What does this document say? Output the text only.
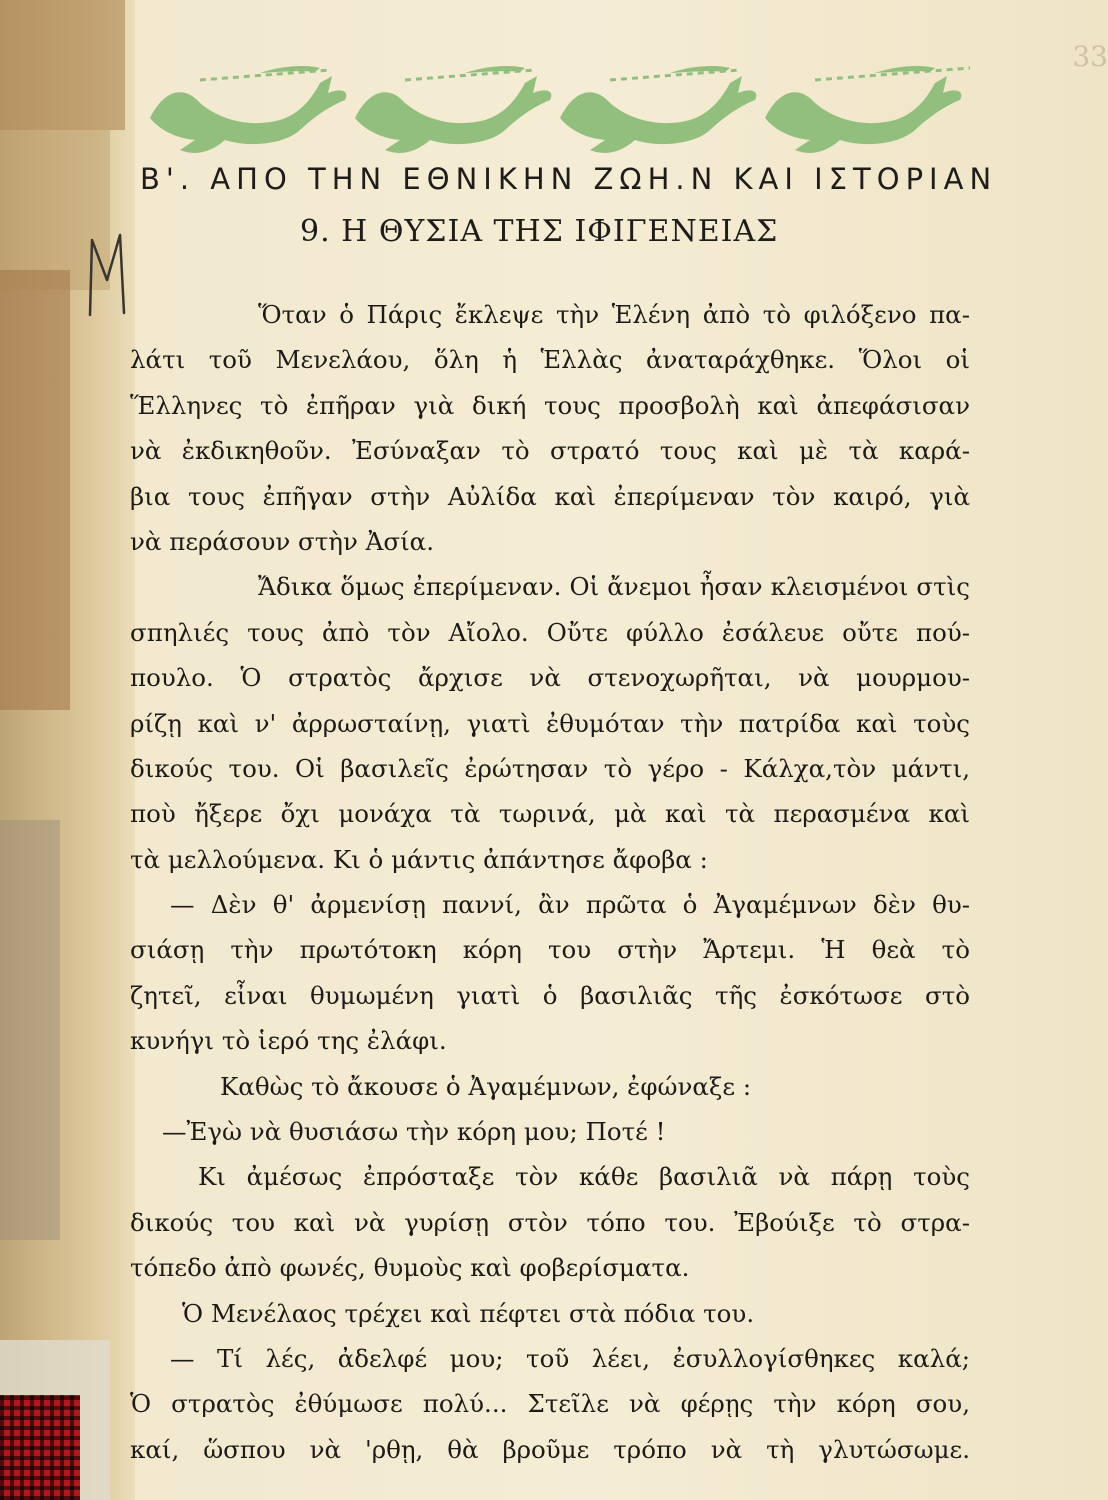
33
Β'. ΑΠΟ ΤΗΝ ΕΘΝΙΚΗΝ ΖΩΗ.Ν ΚΑΙ ΙΣΤΟΡΙΑΝ
9. Η ΘΥΣΙΑ ΤΗΣ ΙΦΙΓΕΝΕΙΑΣ
Ὅταν ὁ Πάρις ἔκλεψε τὴν Ἑλένη ἀπὸ τὸ φιλόξενο πα-
λάτι τοῦ Μενελάου, ὅλη ἡ Ἑλλὰς ἀναταράχθηκε. Ὅλοι οἱ
Ἕλληνες τὸ ἐπῆραν γιὰ δική τους προσβολὴ καὶ ἀπεφάσισαν
νὰ ἐκδικηθοῦν. Ἐσύναξαν τὸ στρατό τους καὶ μὲ τὰ καρά-
βια τους ἐπῆγαν στὴν Αὐλίδα καὶ ἐπερίμεναν τὸν καιρό, γιὰ
νὰ περάσουν στὴν Ἀσία.
Ἄδικα ὅμως ἐπερίμεναν. Οἱ ἄνεμοι ἦσαν κλεισμένοι στὶς
σπηλιές τους ἀπὸ τὸν Αἴολο. Οὔτε φύλλο ἐσάλευε οὔτε πού-
πουλο. Ὁ στρατὸς ἄρχισε νὰ στενοχωρῆται, νὰ μουρμου-
ρίζῃ καὶ ν' ἀρρωσταίνῃ, γιατὶ ἐθυμόταν τὴν πατρίδα καὶ τοὺς
δικούς του. Οἱ βασιλεῖς ἐρώτησαν τὸ γέρο - Κάλχα,τὸν μάντι,
ποὺ ἤξερε ὄχι μονάχα τὰ τωρινά, μὰ καὶ τὰ περασμένα καὶ
τὰ μελλούμενα. Κι ὁ μάντις ἀπάντησε ἄφοβα :
— Δὲν θ' ἀρμενίσῃ παννί, ἂν πρῶτα ὁ Ἀγαμέμνων δὲν θυ-
σιάσῃ τὴν πρωτότοκη κόρη του στὴν Ἄρτεμι. Ἡ θεὰ τὸ
ζητεῖ, εἶναι θυμωμένη γιατὶ ὁ βασιλιᾶς τῆς ἐσκότωσε στὸ
κυνήγι τὸ ἱερό της ἐλάφι.
Καθὼς τὸ ἄκουσε ὁ Ἀγαμέμνων, ἐφώναξε :
—Ἐγὼ νὰ θυσιάσω τὴν κόρη μου; Ποτέ !
Κι ἀμέσως ἐπρόσταξε τὸν κάθε βασιλιᾶ νὰ πάρῃ τοὺς
δικούς του καὶ νὰ γυρίσῃ στὸν τόπο του. Ἐβούιξε τὸ στρα-
τόπεδο ἀπὸ φωνές, θυμοὺς καὶ φοβερίσματα.
Ὁ Μενέλαος τρέχει καὶ πέφτει στὰ πόδια του.
— Τί λές, ἀδελφέ μου; τοῦ λέει, ἐσυλλογίσθηκες καλά;
Ὁ στρατὸς ἐθύμωσε πολύ... Στεῖλε νὰ φέρῃς τὴν κόρη σου,
καί, ὥσπου νὰ 'ρθῃ, θὰ βροῦμε τρόπο νὰ τὴ γλυτώσωμε.
